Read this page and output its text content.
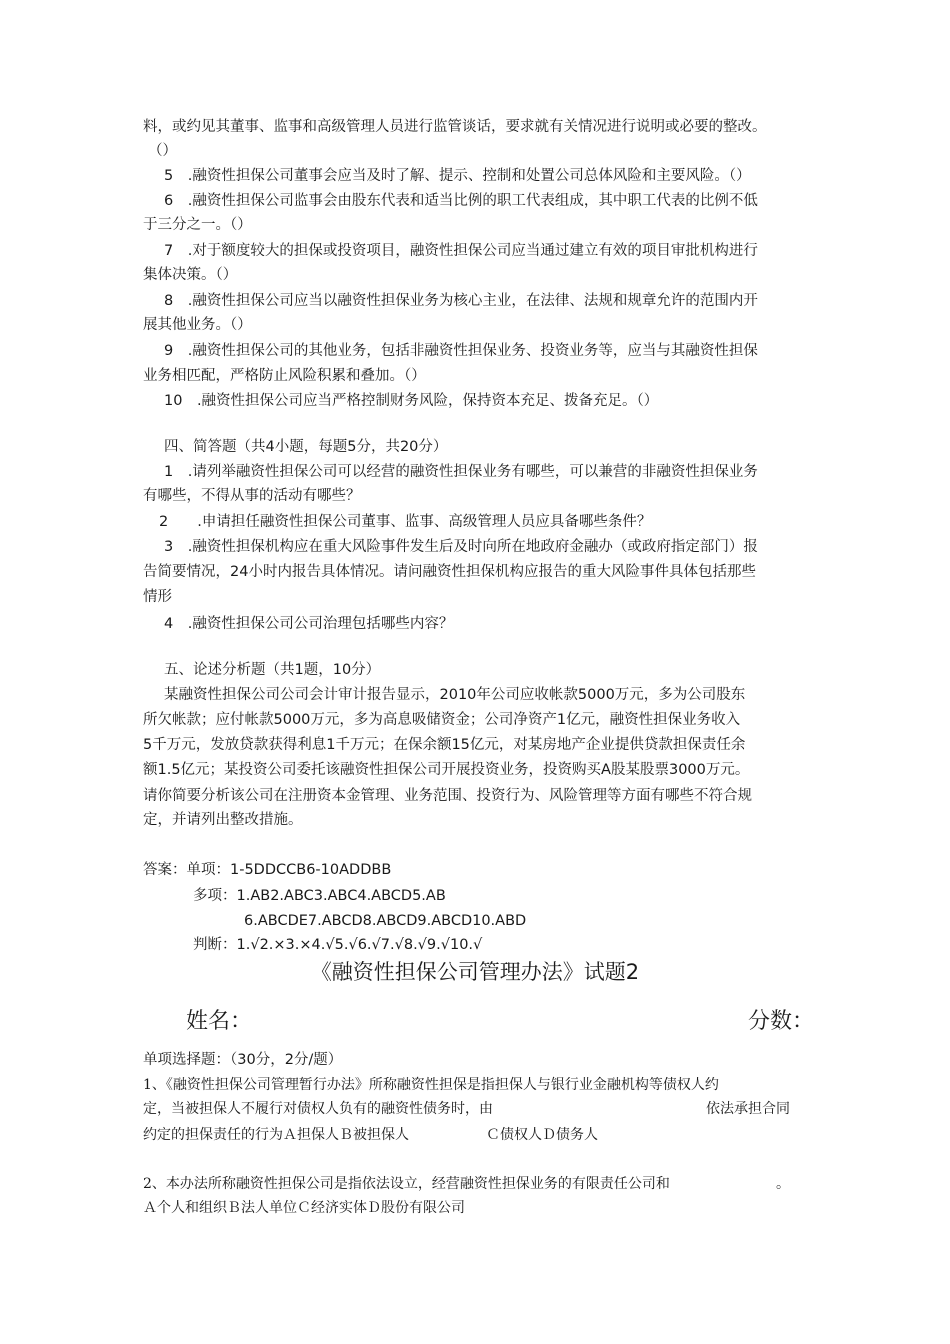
料，或约见其董事、监事和高级管理人员进行监管谈话，要求就有关情况进行说明或必要的整改。
（）
5　.融资性担保公司董事会应当及时了解、提示、控制和处置公司总体风险和主要风险。（）
6　.融资性担保公司监事会由股东代表和适当比例的职工代表组成，其中职工代表的比例不低
于三分之一。（）
7　.对于额度较大的担保或投资项目，融资性担保公司应当通过建立有效的项目审批机构进行
集体决策。（）
8　.融资性担保公司应当以融资性担保业务为核心主业，在法律、法规和规章允许的范围内开
展其他业务。（）
9　.融资性担保公司的其他业务，包括非融资性担保业务、投资业务等，应当与其融资性担保
业务相匹配，严格防止风险积累和叠加。（）
10　.融资性担保公司应当严格控制财务风险，保持资本充足、拨备充足。（）
四、简答题（共4小题，每题5分，共20分）
1　.请列举融资性担保公司可以经营的融资性担保业务有哪些，可以兼营的非融资性担保业务
有哪些，不得从事的活动有哪些？
2　　.申请担任融资性担保公司董事、监事、高级管理人员应具备哪些条件？
3　.融资性担保机构应在重大风险事件发生后及时向所在地政府金融办（或政府指定部门）报
告简要情况，24小时内报告具体情况。请问融资性担保机构应报告的重大风险事件具体包括那些
情形
4　.融资性担保公司公司治理包括哪些内容？
五、论述分析题（共1题，10分）
某融资性担保公司公司会计审计报告显示，2010年公司应收帐款5000万元，多为公司股东
所欠帐款；应付帐款5000万元，多为高息吸储资金；公司净资产1亿元，融资性担保业务收入
5千万元，发放贷款获得利息1千万元；在保余额15亿元，对某房地产企业提供贷款担保责任余
额1.5亿元；某投资公司委托该融资性担保公司开展投资业务，投资购买A股某股票3000万元。
请你简要分析该公司在注册资本金管理、业务范围、投资行为、风险管理等方面有哪些不符合规
定，并请列出整改措施。
答案：单项：1-5DDCCB6-10ADDBB
多项：1.AB2.ABC3.ABC4.ABCD5.AB
6.ABCDE7.ABCD8.ABCD9.ABCD10.ABD
判断：1.√2.×3.×4.√5.√6.√7.√8.√9.√10.√
《融资性担保公司管理办法》试题2
姓名：	分数：
单项选择题：（30分，2分/题）
1、《融资性担保公司管理暂行办法》所称融资性担保是指担保人与银行业金融机构等债权人约
定，当被担保人不履行对债权人负有的融资性债务时，由	依法承担合同
约定的担保责任的行为Ａ担保人Ｂ被担保人	Ｃ债权人Ｄ债务人
2、本办法所称融资性担保公司是指依法设立，经营融资性担保业务的有限责任公司和	。
Ａ个人和组织Ｂ法人单位Ｃ经济实体Ｄ股份有限公司
